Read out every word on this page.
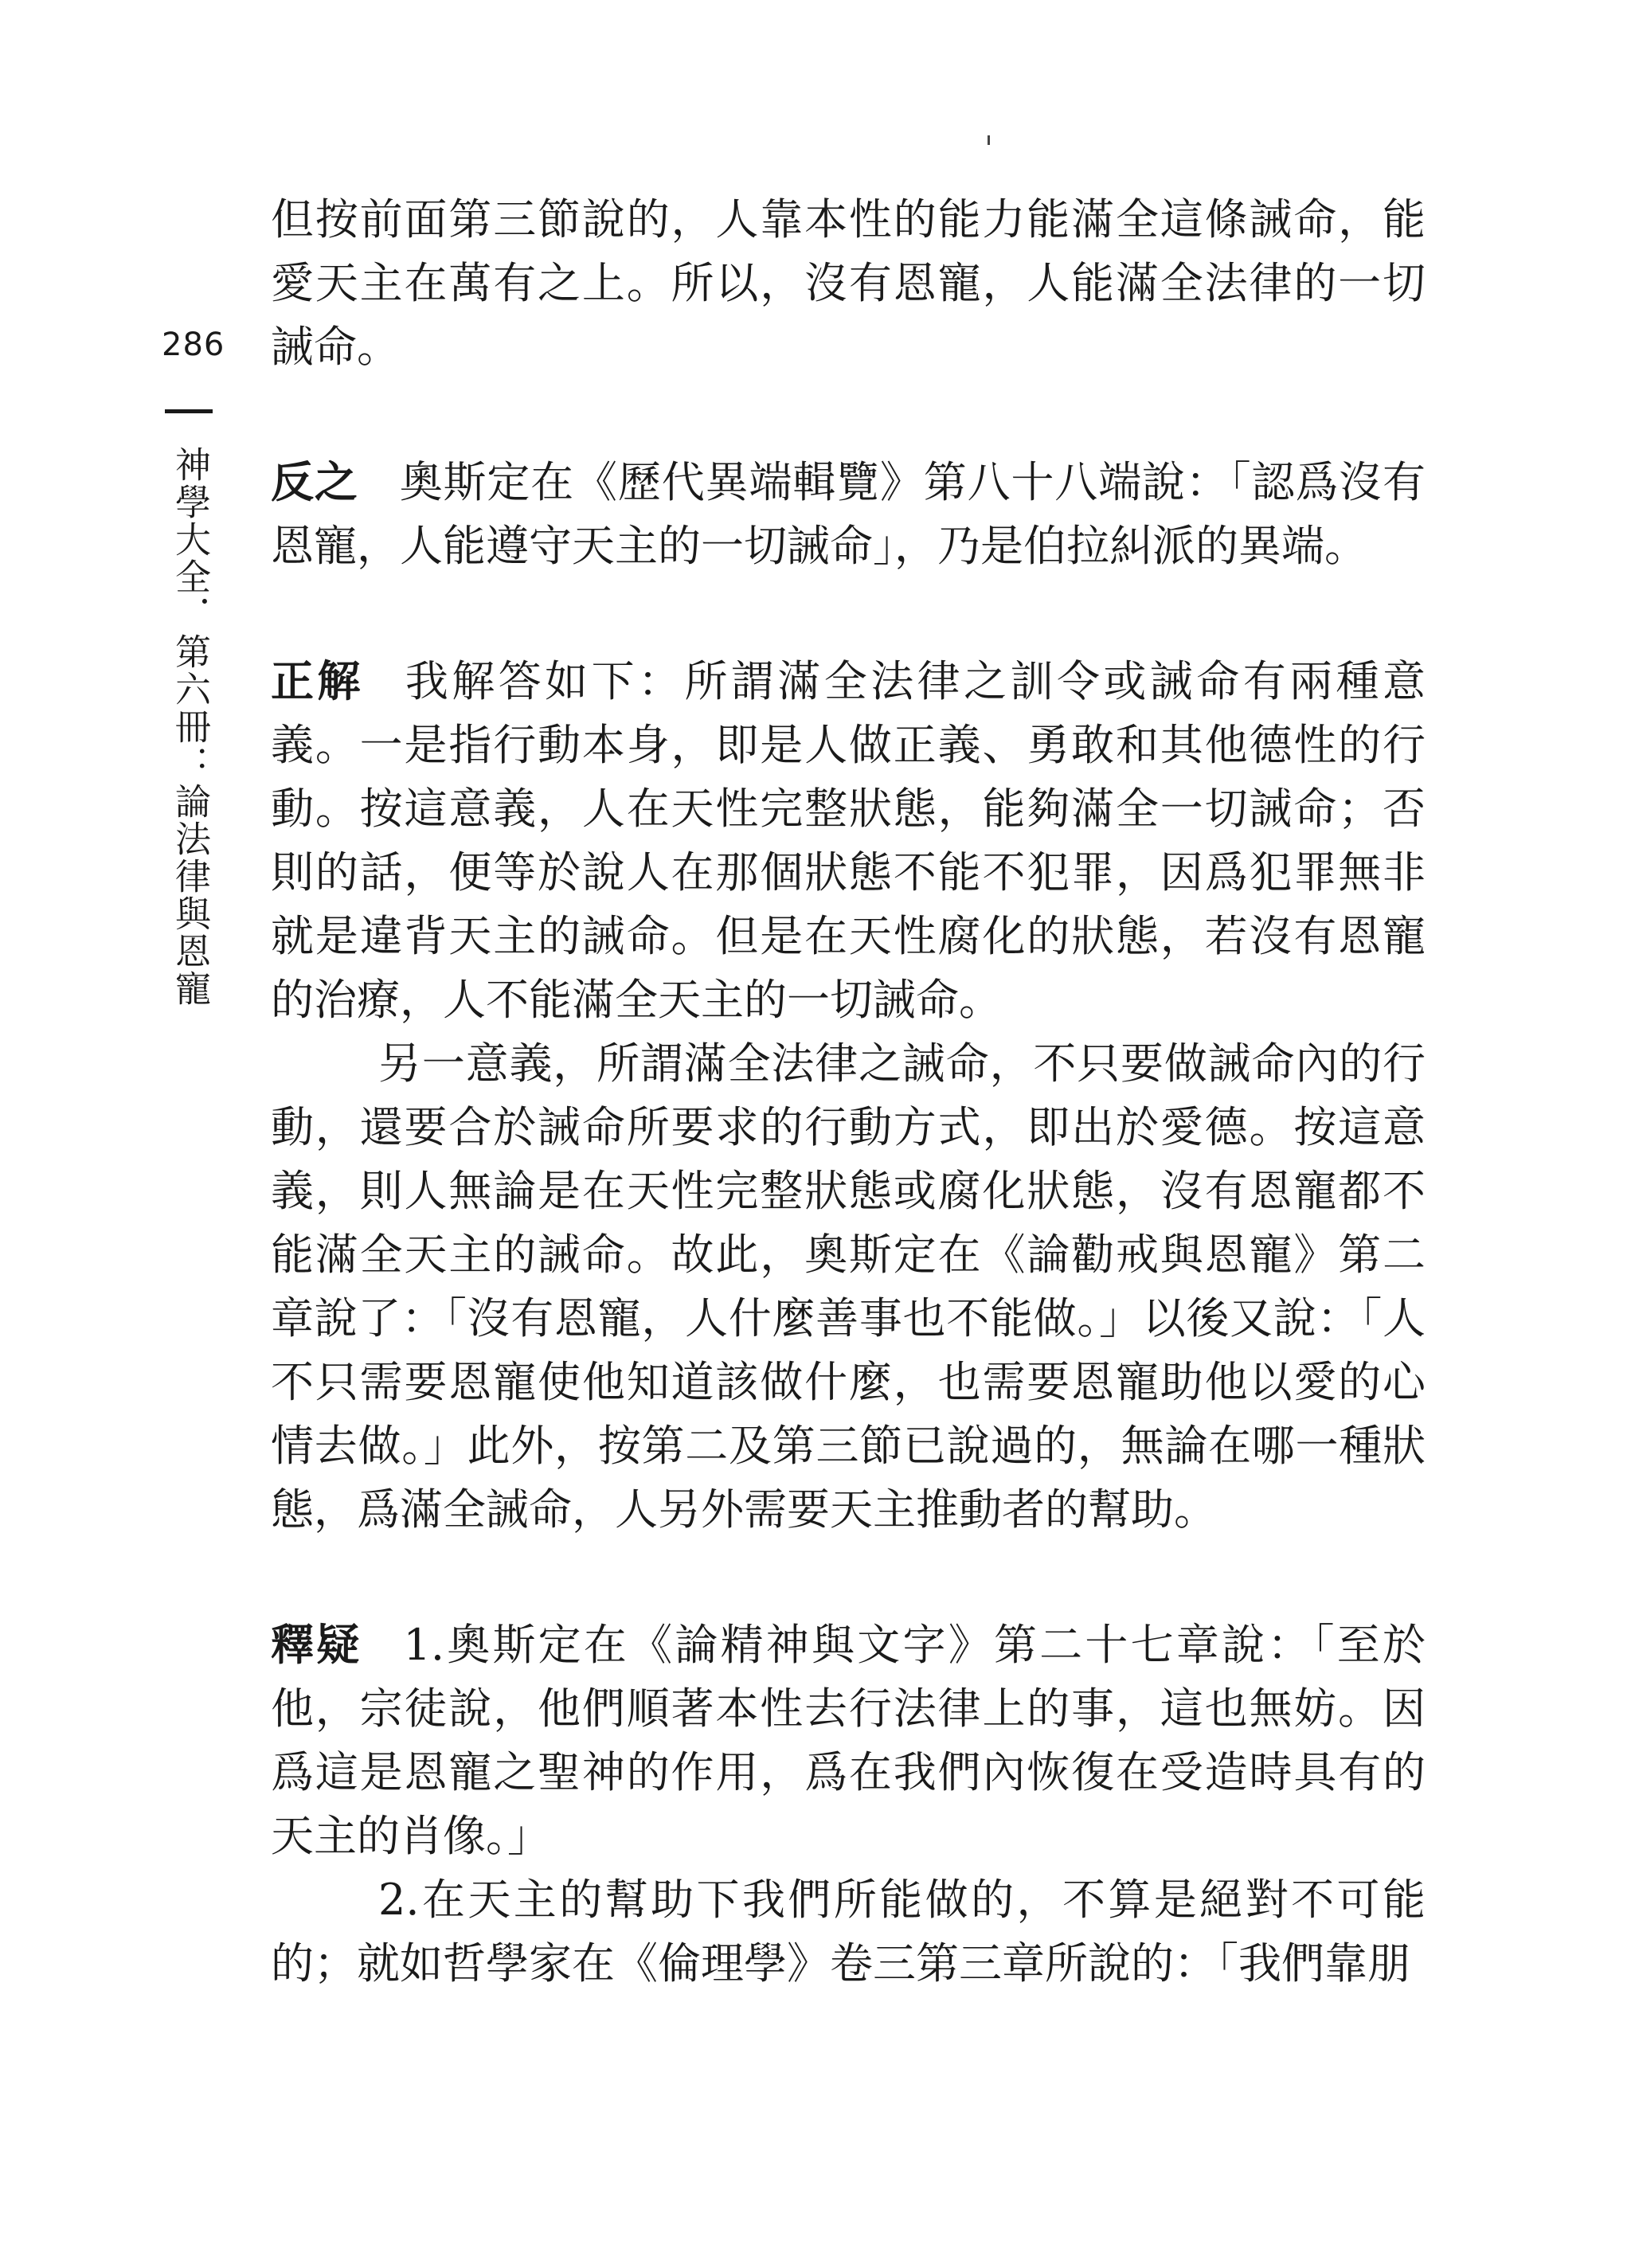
286
神學大全．第六冊：論法律與恩寵

但按前面第三節說的，人靠本性的能力能滿全這條誡命，能愛天主在萬有之上。所以，沒有恩寵，人能滿全法律的一切誡命。

反之 奧斯定在《歷代異端輯覽》第八十八端說：「認爲沒有恩寵，人能遵守天主的一切誡命」，乃是伯拉糾派的異端。

正解 我解答如下：所謂滿全法律之訓令或誡命有兩種意義。一是指行動本身，即是人做正義、勇敢和其他德性的行動。按這意義，人在天性完整狀態，能夠滿全一切誡命；否則的話，便等於說人在那個狀態不能不犯罪，因爲犯罪無非就是違背天主的誡命。但是在天性腐化的狀態，若沒有恩寵的治療，人不能滿全天主的一切誡命。

另一意義，所謂滿全法律之誡命，不只要做誡命內的行動，還要合於誡命所要求的行動方式，即出於愛德。按這意義，則人無論是在天性完整狀態或腐化狀態，沒有恩寵都不能滿全天主的誡命。故此，奧斯定在《論勸戒與恩寵》第二章說了：「沒有恩寵，人什麼善事也不能做。」以後又說：「人不只需要恩寵使他知道該做什麼，也需要恩寵助他以愛的心情去做。」此外，按第二及第三節已說過的，無論在哪一種狀態，爲滿全誡命，人另外需要天主推動者的幫助。

釋疑 1.奧斯定在《論精神與文字》第二十七章說：「至於他，宗徒說，他們順著本性去行法律上的事，這也無妨。因爲這是恩寵之聖神的作用，爲在我們內恢復在受造時具有的天主的肖像。」

2.在天主的幫助下我們所能做的，不算是絕對不可能的；就如哲學家在《倫理學》卷三第三章所說的：「我們靠朋
